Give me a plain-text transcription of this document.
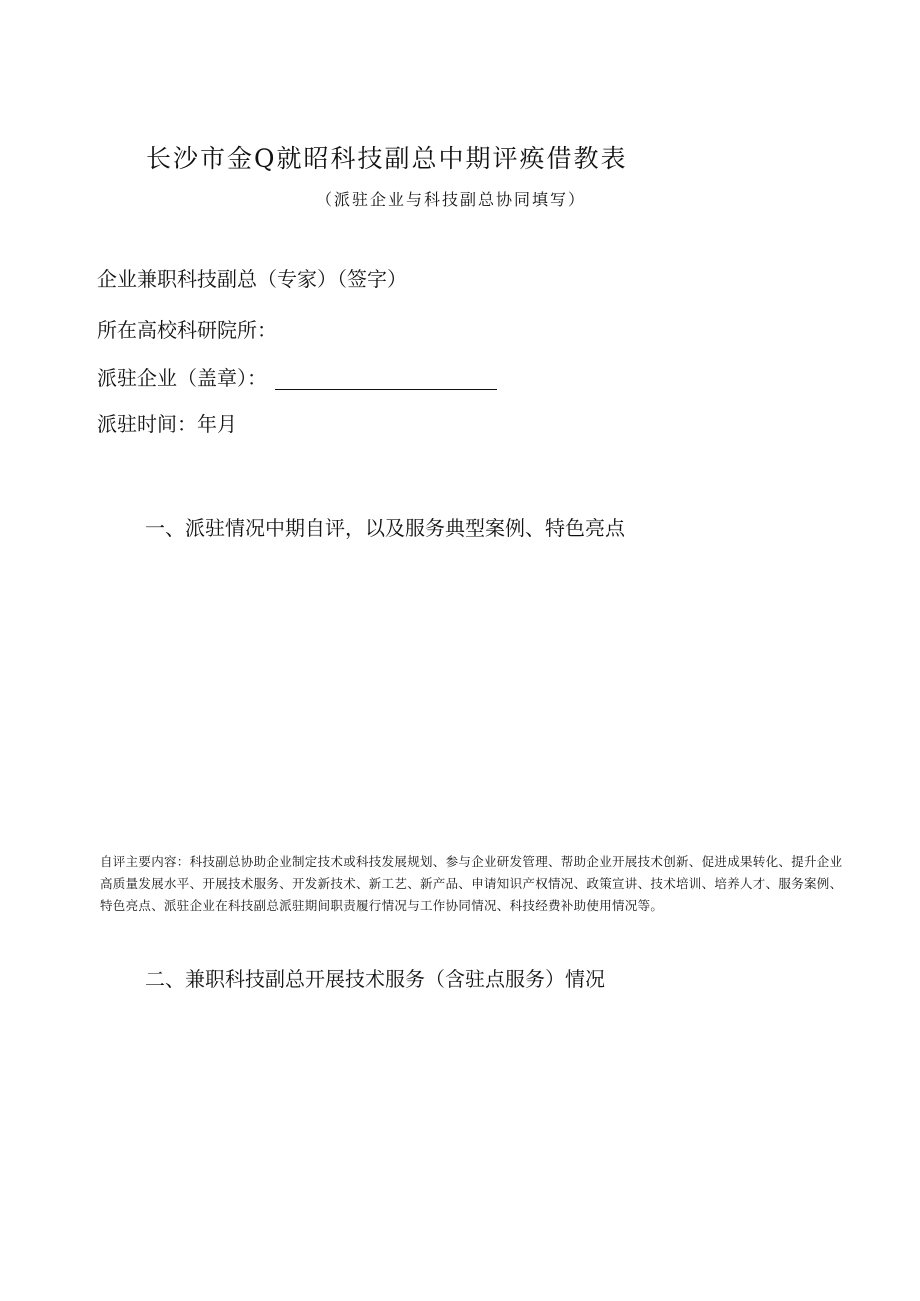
长沙市金Q就昭科技副总中期评痪借教表
（派驻企业与科技副总协同填写）
企业兼职科技副总（专家）（签字）
所在高校科研院所：
派驻企业（盖章）：
派驻时间：年月
一、派驻情况中期自评，以及服务典型案例、特色亮点
自评主要内容：科技副总协助企业制定技术或科技发展规划、参与企业研发管理、帮助企业开展技术创新、促进成果转化、提升企业高质量发展水平、开展技术服务、开发新技术、新工艺、新产品、申请知识产权情况、政策宣讲、技术培训、培养人才、服务案例、特色亮点、派驻企业在科技副总派驻期间职责履行情况与工作协同情况、科技经费补助使用情况等。
二、兼职科技副总开展技术服务（含驻点服务）情况
